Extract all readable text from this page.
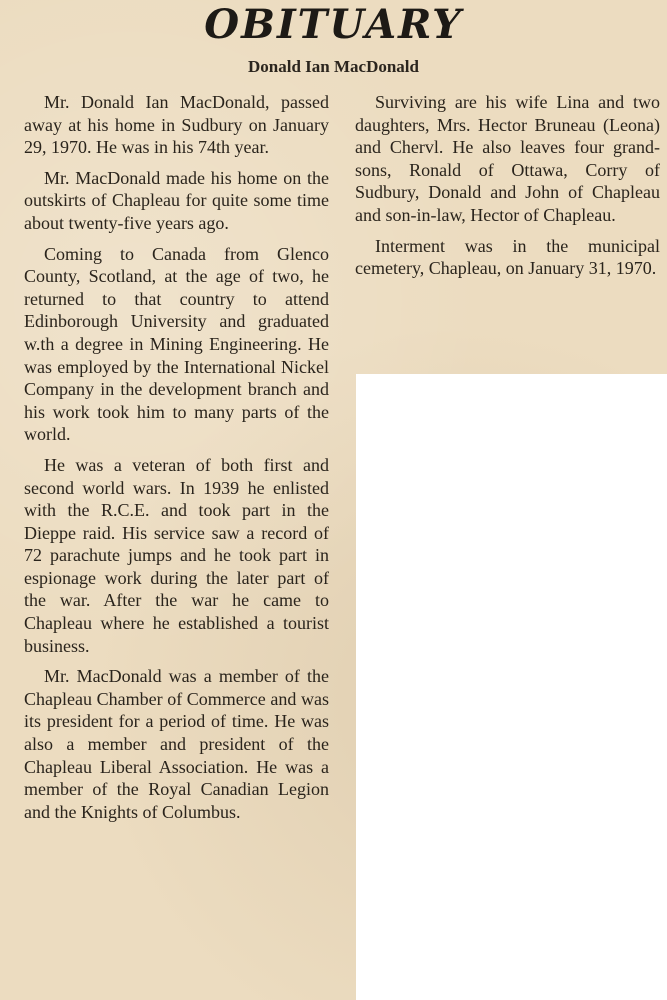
OBITUARY
Donald Ian MacDonald

Mr. Donald Ian MacDonald, passed away at his home in Sudbury on January 29, 1970. He was in his 74th year.

Mr. MacDonald made his home on the outskirts of Chapleau for quite some time about twenty-five years ago.

Coming to Canada from Glenco County, Scotland, at the age of two, he returned to that country to attend Edinborough University and graduated w.th a degree in Mining Engineering. He was employed by the International Nickel Company in the development branch and his work took him to many parts of the world.

He was a veteran of both first and second world wars. In 1939 he enlisted with the R.C.E. and took part in the Dieppe raid. His service saw a record of 72 parachute jumps and he took part in espionage work during the later part of the war. After the war he came to Chapleau where he established a tourist business.

Mr. MacDonald was a member of the Chapleau Chamber of Commerce and was its president for a period of time. He was also a member and president of the Chapleau Liberal Association. He was a member of the Royal Canadian Legion and the Knights of Columbus.

Surviving are his wife Lina and two daughters, Mrs. Hector Bruneau (Leona) and Chervl. He also leaves four grandsons, Ronald of Ottawa, Corry of Sudbury, Donald and John of Chapleau and son-in-law, Hector of Chapleau.

Interment was in the municipal cemetery, Chapleau, on January 31, 1970.
